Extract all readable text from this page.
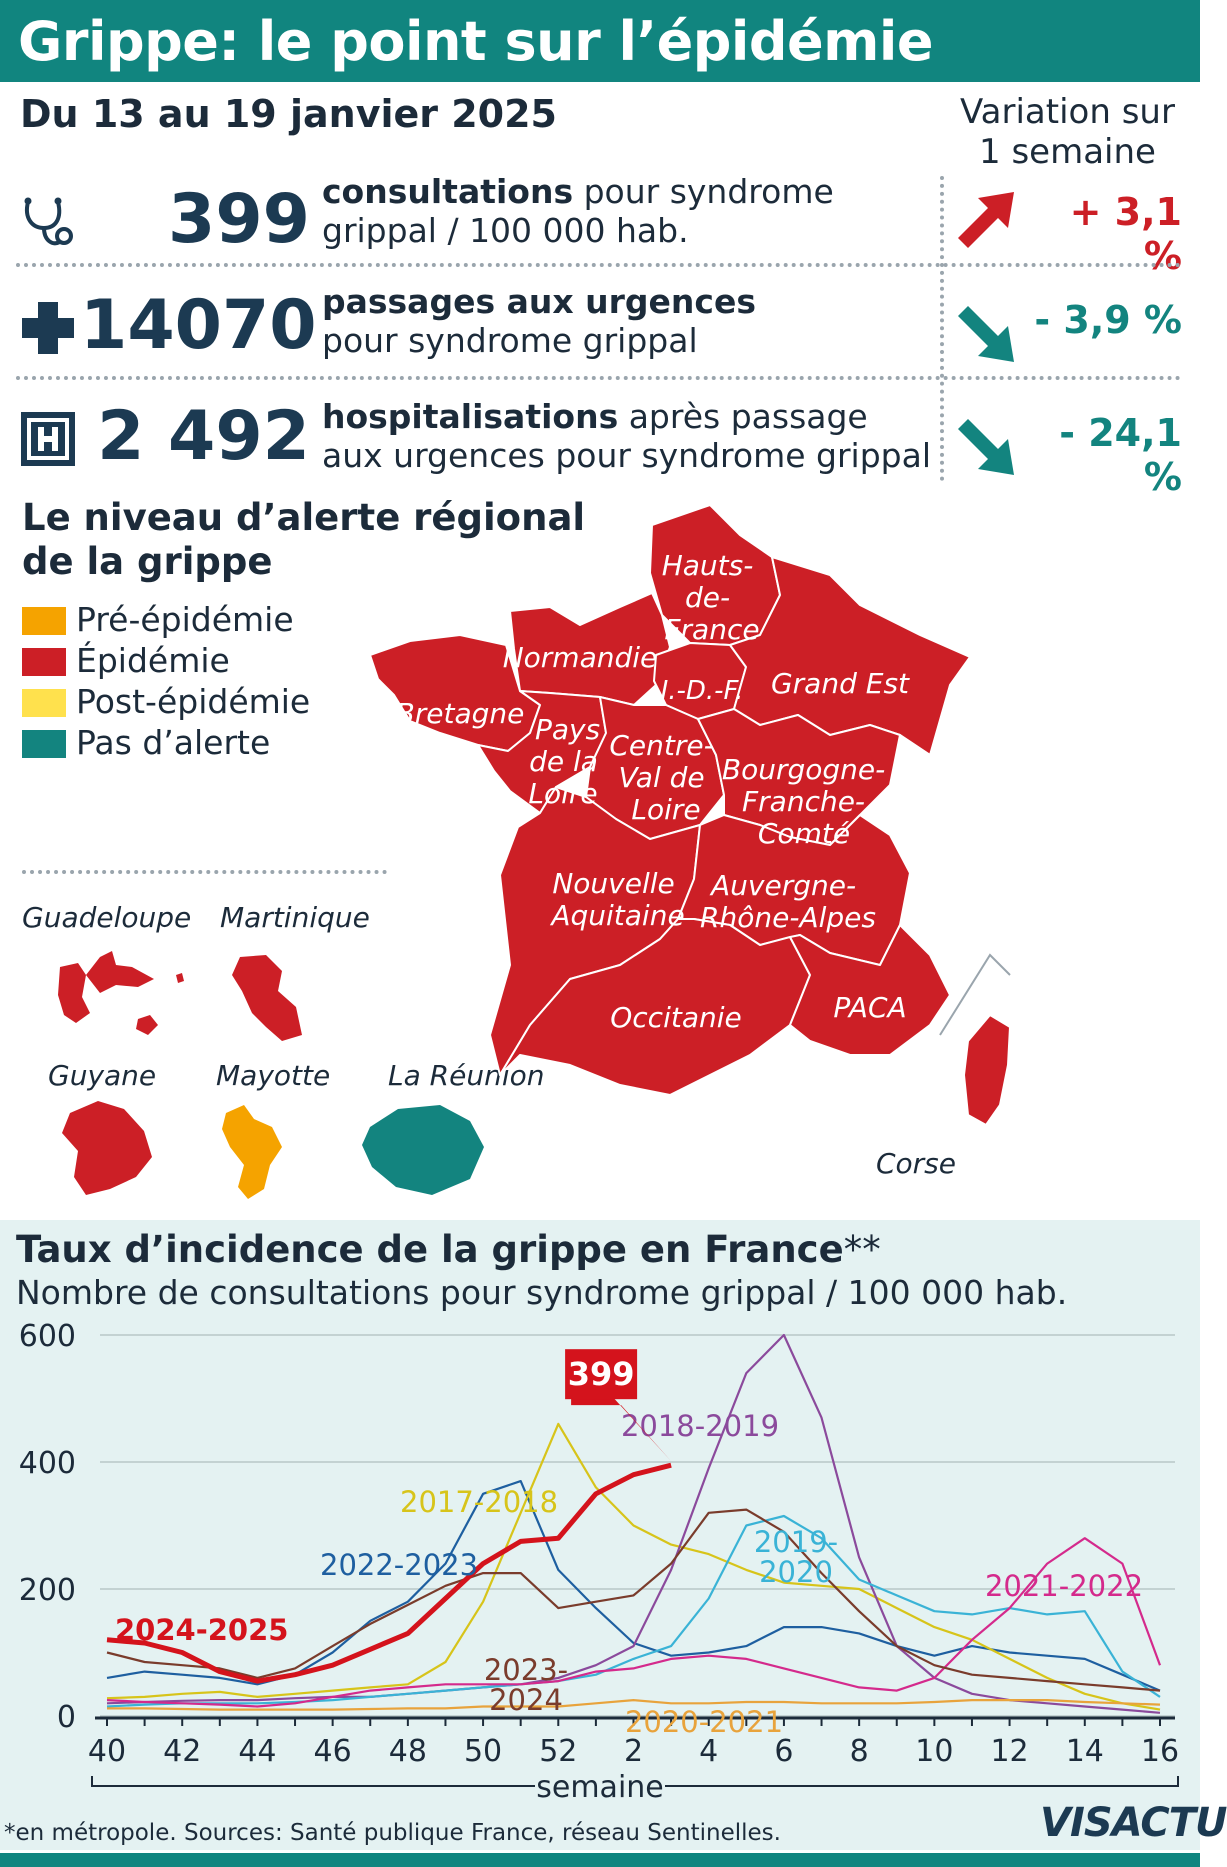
Grippe: le point sur l’épidémie
Du 13 au 19 janvier 2025	Variation sur
1 semaine
399 consultations pour syndrome
grippal / 100 000 hab.	+ 3,1 %
14070 passages aux urgences
pour syndrome grippal	- 3,9 %
2 492 hospitalisations après passage
aux urgences pour syndrome grippal
- 24,1 %
Le niveau d’alerte régional
de la grippe
Pré-épidémie
Épidémie
Post-épidémie
Pas d’alerte
Guadeloupe Martinique
Guyane Mayotte La Réunion
Hauts- de- France
Normandie
I.-D.-F. Grand Est
Bretagne Pays de la Loire
Centre- Val de Loire
Bourgogne- Franche- Comté
Nouvelle Aquitaine
Auvergne- Rhône-Alpes
Occitanie	PACA
Corse
Taux d’incidence de la grippe en France**
Nombre de consultations pour syndrome grippal / 100 000 hab.
0
200
400
600
40 42 44 46 48 50 52 2 4 6 8 10 12 14 16
semaine
2024-2025
2022-2023
2017-2018
2018-2019
2019-2020	2021-2022
2023-2024
2020-2021
399
*en métropole. Sources: Santé publique France, réseau Sentinelles.	VISACTU
